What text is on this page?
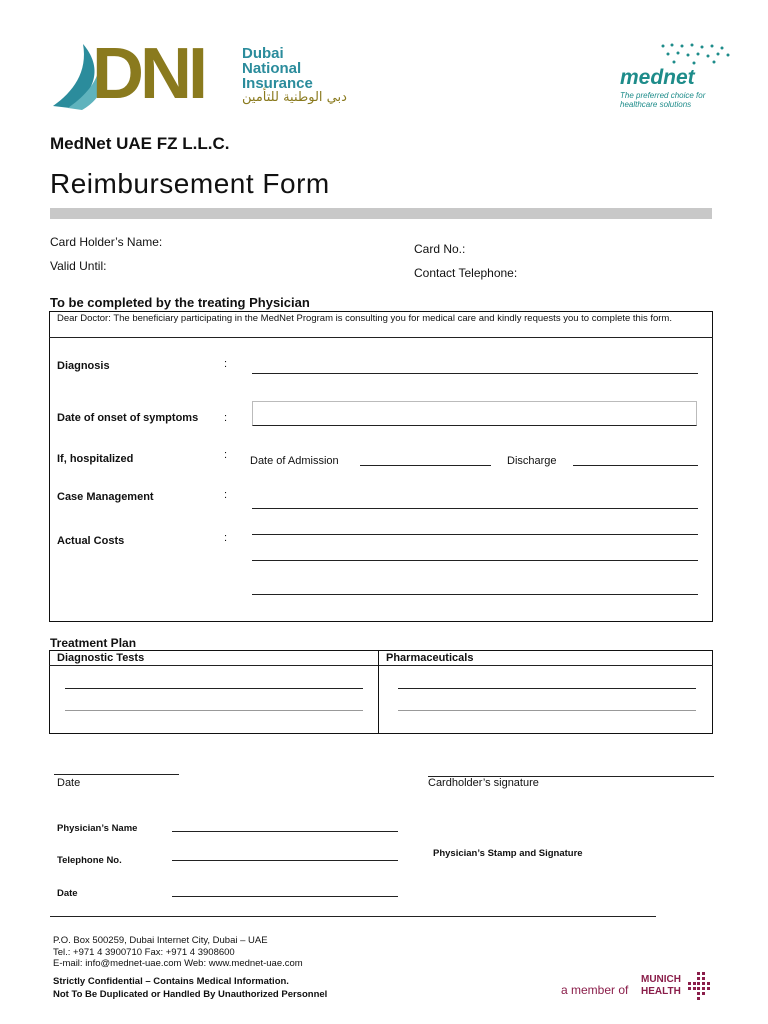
DNI	Dubai
National
Insurance
دبي الوطنية للتأمين
mednet
The preferred choice for
healthcare solutions
MedNet UAE FZ L.L.C.
Reimbursement Form
Card Holder’s Name:
Valid Until:
Card No.:
Contact Telephone:
To be completed by the treating Physician
Dear Doctor: The beneficiary participating in the MedNet Program is consulting you for medical care and kindly requests you to complete this form.
Diagnosis	:
Date of onset of symptoms :
If, hospitalized	: Date of Admission	Discharge
Case Management	:
Actual Costs	:
Treatment Plan
Diagnostic Tests	Pharmaceuticals
Date	Cardholder’s signature
Physician’s Name
Telephone No.
Date
Physician’s Stamp and Signature
P.O. Box 500259, Dubai Internet City, Dubai – UAE
Tel.: +971 4 3900710 Fax: +971 4 3908600
E-mail: info@mednet-uae.com Web: www.mednet-uae.com
Strictly Confidential – Contains Medical Information.
Not To Be Duplicated or Handled By Unauthorized Personnel	a member of
MUNICH
HEALTH
